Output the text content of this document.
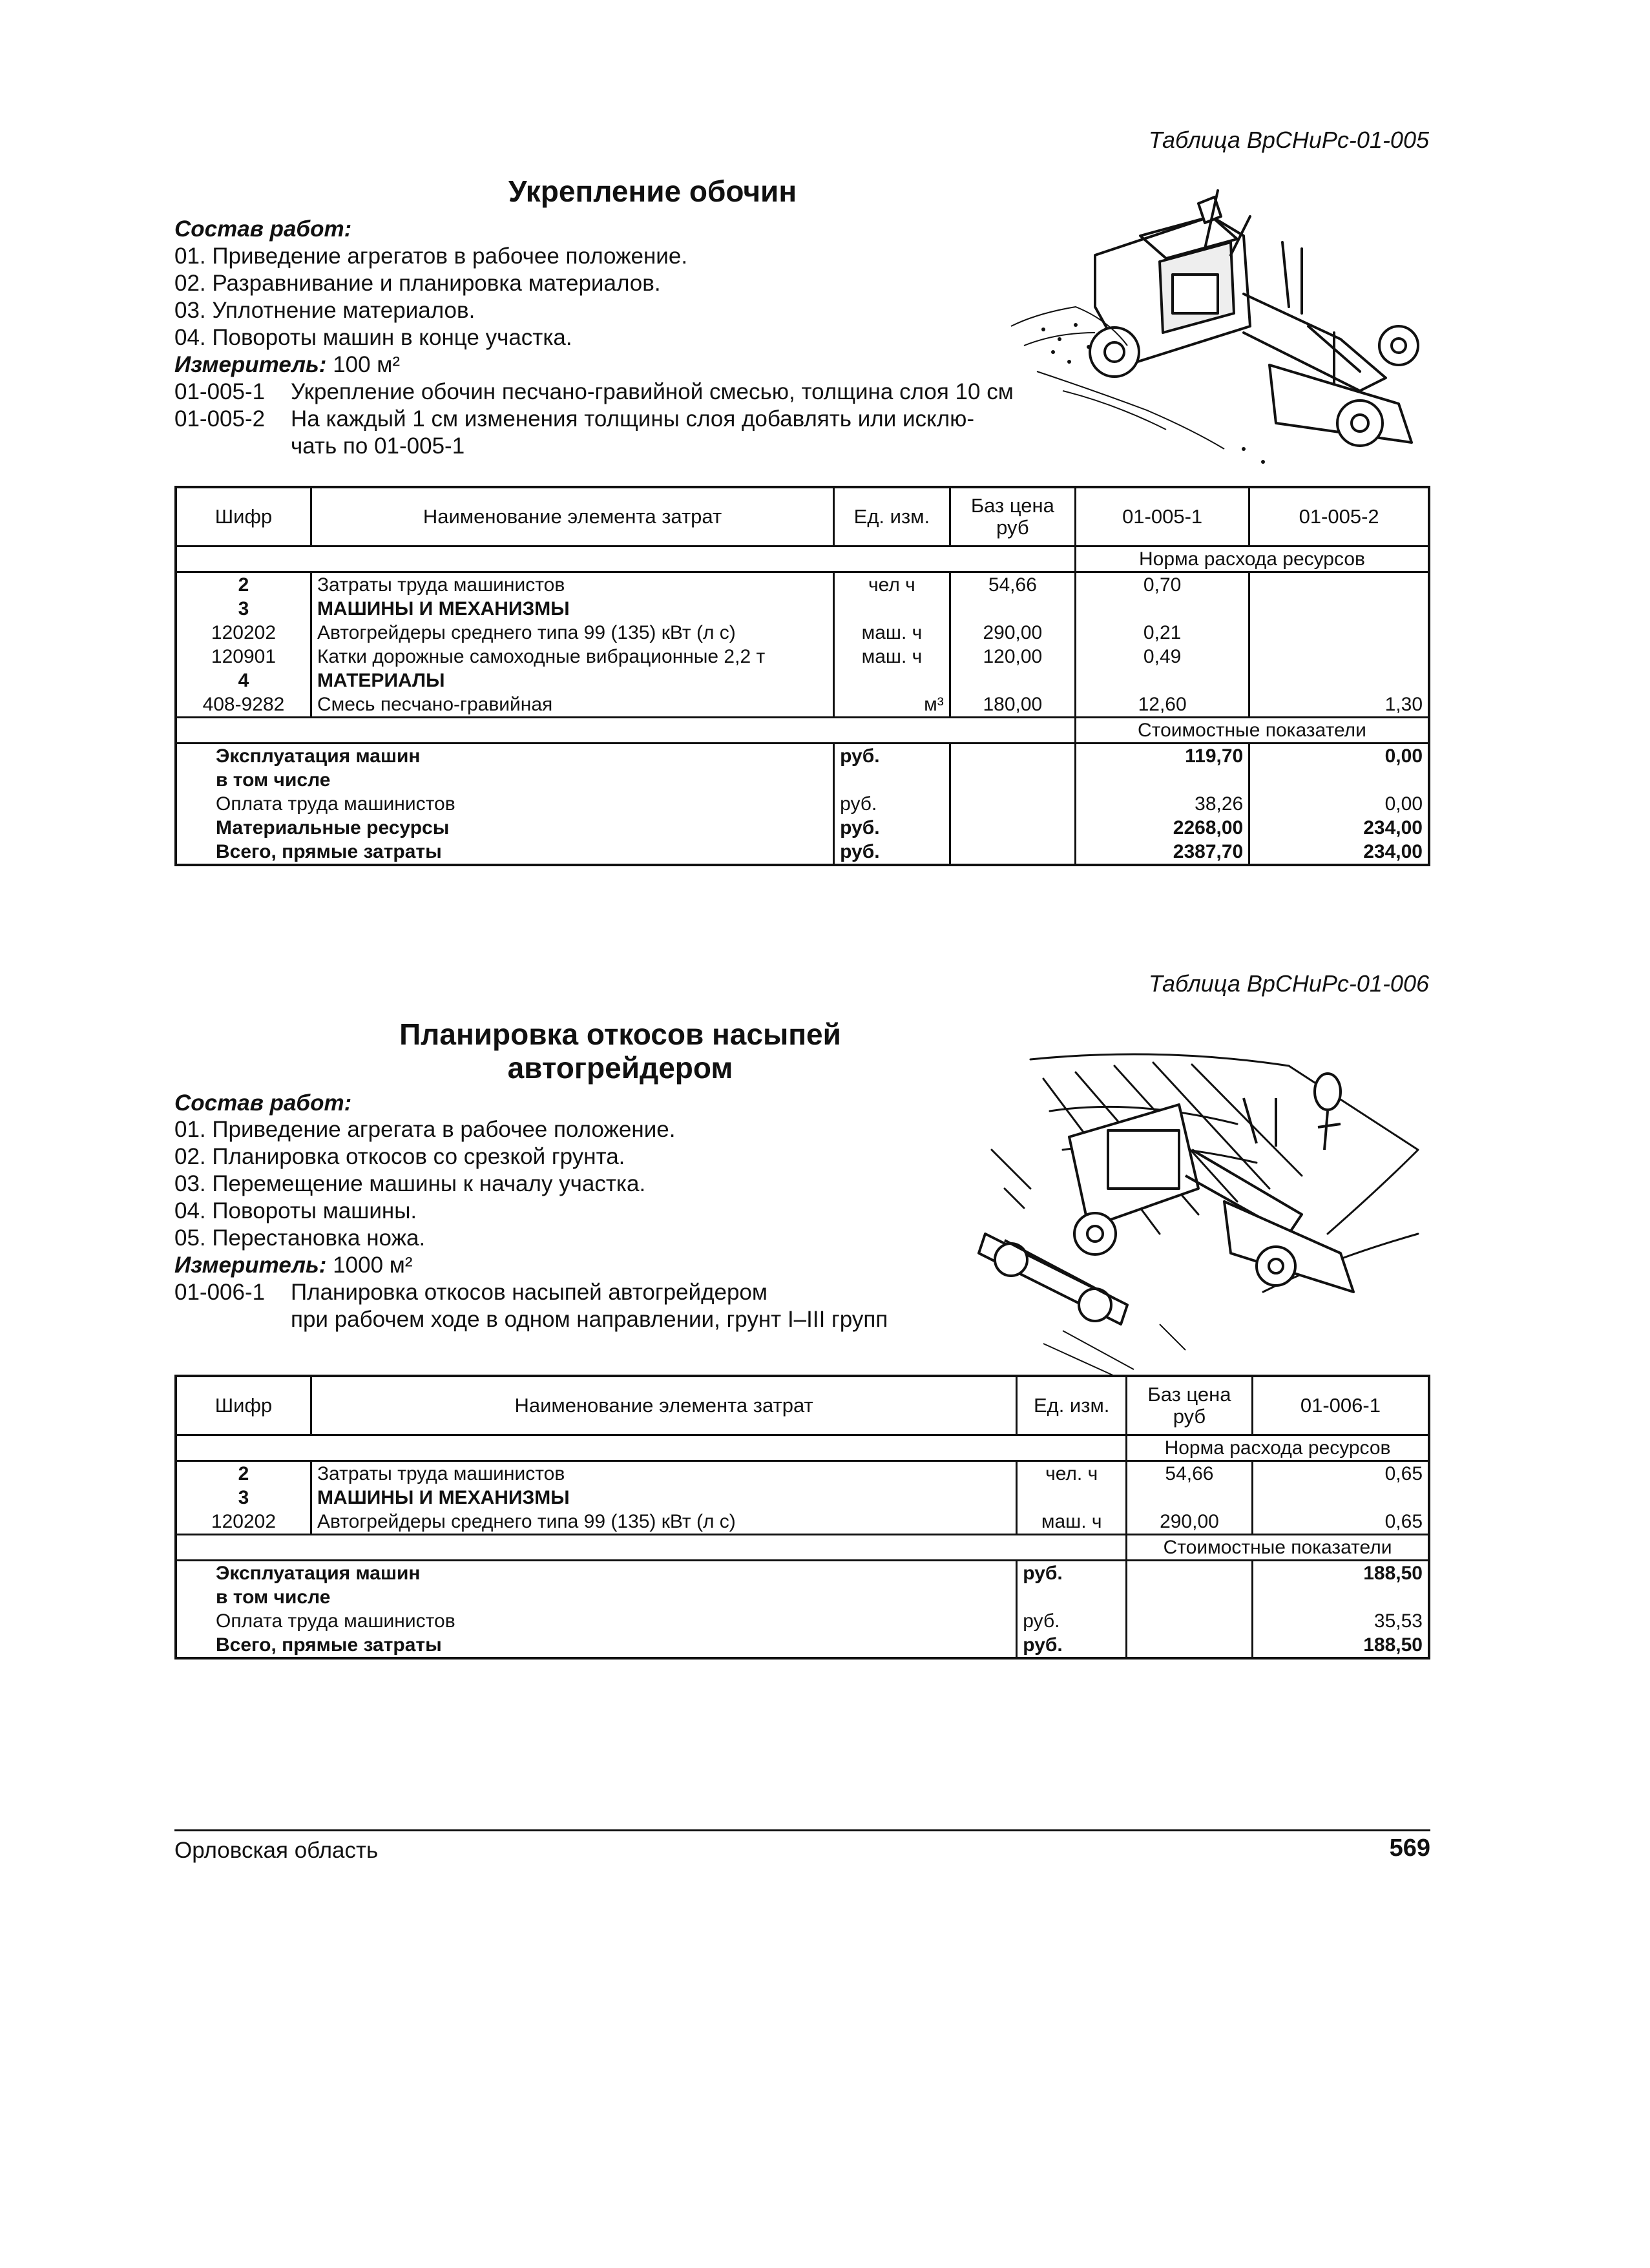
Таблица ВрСНиРс-01-005
Укрепление обочин
Состав работ:
01. Приведение агрегатов в рабочее положение.
02. Разравнивание и планировка материалов.
03. Уплотнение материалов.
04. Повороты машин в конце участка.
Измеритель: 100 м²
01-005-1 Укрепление обочин песчано-гравийной смесью, толщина слоя 10 см
01-005-2 На каждый 1 см изменения толщины слоя добавлять или исклю-
чать по 01-005-1
Шифр	Наименование элемента затрат	Ед. изм.	Баз цена руб	01-005-1	01-005-2
				Норма расхода ресурсов	
2	Затраты труда машинистов	чел ч	54,66	0,70	
3	МАШИНЫ И МЕХАНИЗМЫ				
120202	Автогрейдеры среднего типа 99 (135) кВт (л с)	маш. ч	290,00	0,21	
120901	Катки дорожные самоходные вибрационные 2,2 т	маш. ч	120,00	0,49	
4	МАТЕРИАЛЫ				
408-9282	Смесь песчано-гравийная	м³	180,00	12,60	1,30
				Стоимостные показатели	
Эксплуатация машин		руб.		119,70	0,00
в том числе					
Оплата труда машинистов		руб.		38,26	0,00
Материальные ресурсы		руб.		2268,00	234,00
Всего, прямые затраты		руб.		2387,70	234,00
Таблица ВрСНиРс-01-006
Планировка откосов насыпей
автогрейдером
Состав работ:
01. Приведение агрегата в рабочее положение.
02. Планировка откосов со срезкой грунта.
03. Перемещение машины к началу участка.
04. Повороты машины.
05. Перестановка ножа.
Измеритель: 1000 м²
01-006-1 Планировка откосов насыпей автогрейдером
при рабочем ходе в одном направлении, грунт I–III групп
Шифр	Наименование элемента затрат	Ед. изм.	Баз цена руб	01-006-1
			Норма расхода ресурсов	
2	Затраты труда машинистов	чел. ч	54,66	0,65
3	МАШИНЫ И МЕХАНИЗМЫ			
120202	Автогрейдеры среднего типа 99 (135) кВт (л с)	маш. ч	290,00	0,65
			Стоимостные показатели	
Эксплуатация машин		руб.		188,50
в том числе				
Оплата труда машинистов		руб.		35,53
Всего, прямые затраты		руб.		188,50
Орловская область	569
